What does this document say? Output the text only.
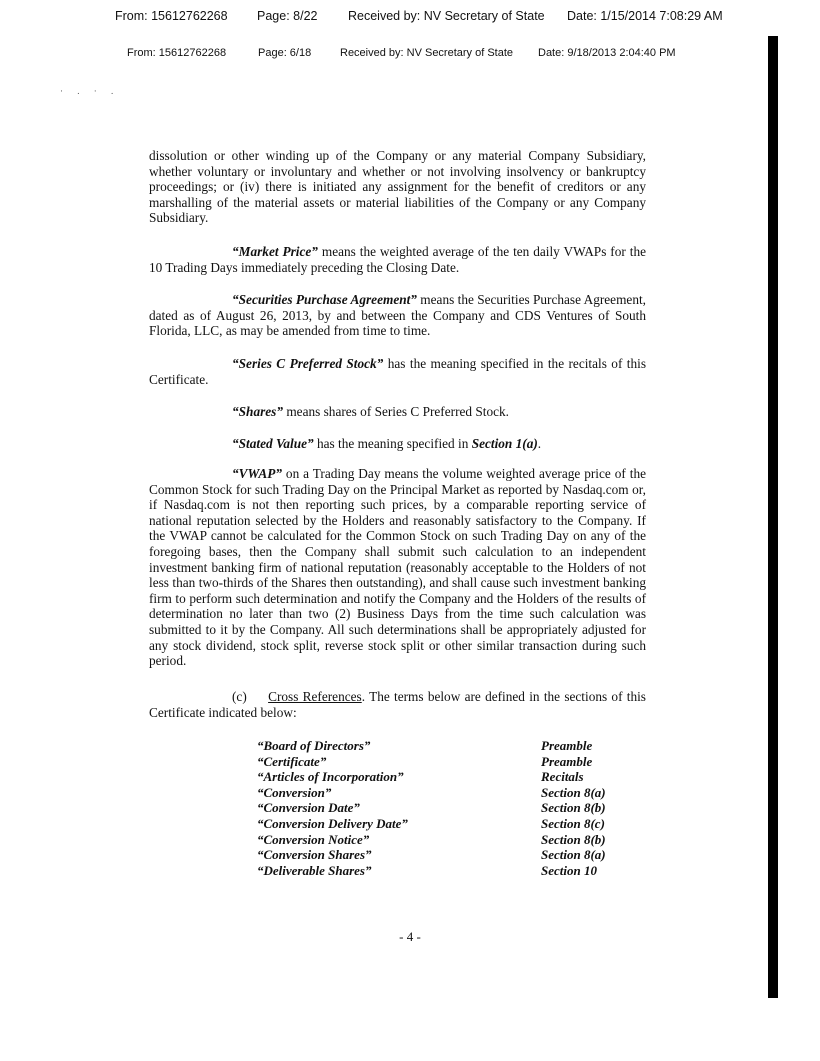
From: 15612762268 Page: 8/22 Received by: NV Secretary of State Date: 1/15/2014 7:08:29 AM
From: 15612762268	Page: 6/18	Received by: NV Secretary of State Date: 9/18/2013 2:04:40 PM
· . · .

dissolution or other winding up of the Company or any material Company Subsidiary, whether voluntary or involuntary and whether or not involving insolvency or bankruptcy proceedings; or (iv) there is initiated any assignment for the benefit of creditors or any marshalling of the material assets or material liabilities of the Company or any Company Subsidiary.

“Market Price” means the weighted average of the ten daily VWAPs for the 10 Trading Days immediately preceding the Closing Date.

“Securities Purchase Agreement” means the Securities Purchase Agreement, dated as of August 26, 2013, by and between the Company and CDS Ventures of South Florida, LLC, as may be amended from time to time.

“Series C Preferred Stock” has the meaning specified in the recitals of this Certificate.

“Shares” means shares of Series C Preferred Stock.

“Stated Value” has the meaning specified in Section 1(a).

“VWAP” on a Trading Day means the volume weighted average price of the Common Stock for such Trading Day on the Principal Market as reported by Nasdaq.com or, if Nasdaq.com is not then reporting such prices, by a comparable reporting service of national reputation selected by the Holders and reasonably satisfactory to the Company. If the VWAP cannot be calculated for the Common Stock on such Trading Day on any of the foregoing bases, then the Company shall submit such calculation to an independent investment banking firm of national reputation (reasonably acceptable to the Holders of not less than two-thirds of the Shares then outstanding), and shall cause such investment banking firm to perform such determination and notify the Company and the Holders of the results of determination no later than two (2) Business Days from the time such calculation was submitted to it by the Company. All such determinations shall be appropriately adjusted for any stock dividend, stock split, reverse stock split or other similar transaction during such period.

(c) Cross References. The terms below are defined in the sections of this Certificate indicated below:

“Board of Directors”	Preamble
“Certificate”	Preamble
“Articles of Incorporation”	Recitals
“Conversion”	Section 8(a)
“Conversion Date”	Section 8(b)
“Conversion Delivery Date”	Section 8(c)
“Conversion Notice”	Section 8(b)
“Conversion Shares”	Section 8(a)
“Deliverable Shares”	Section 10
- 4 -
